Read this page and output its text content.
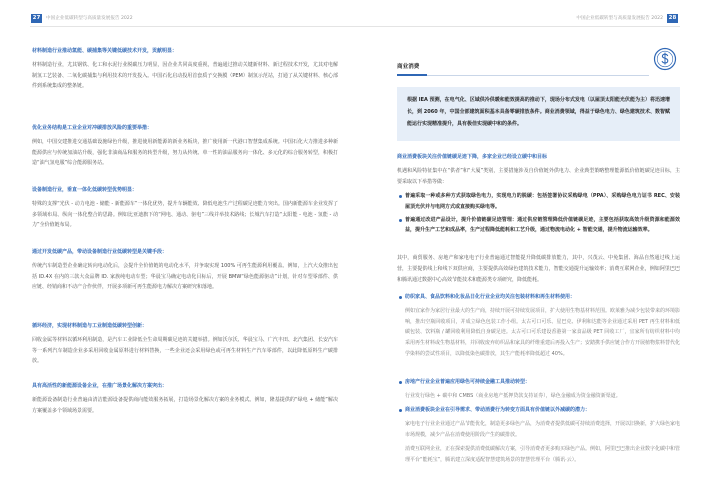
27	中国企业低碳转型与高质量发展报告 2022	中国企业低碳转型与高质量发展报告 2022	28
材料制造行业推动氢能、碳捕集等关键低碳技术开发，贡献明显：
材料制造行业，尤其钢铁、化工和水泥行业脱碳压力明显，因企业共同高度重视，普遍通过推动关键新材料、新过程技术开发，尤其对电解制氢工艺装备、二氧化碳捕集与利用技术的开发投入。中国石化启动投用首套质子交换膜（PEM）制氢示范站，打通了从关键材料、核心部件到系统集成的整条链。
优化业务结构是工业企业对冲碳排放风险的重要举措：
例如，中国交建推进交通基础设施绿色升级，推进使用新能源的新业务板块，推广使用新一代港口智慧集成系统。中国石化大力推进多种新能源供应与传统加油站升级，强化非油商品和服务的转型升级，努力从传统、单一性的油品服务向一体化、多元化的综合服务转型，积极打造“油气氢电服”综合能源服务站。
设备制造行业，垂直一体化低碳转型优势明显：
特殊的支撑“光伏 - 动力电池 - 储能 - 新能源车”一体化优势，提升车辆能效、降低电池生产过程碳足迹能力突出。国内新能源车企业发挥了多领域布局、纵向一体化整合的思路。例如比亚迪旗下的“网电、通动、驱电”三线并举技术路线；长城汽车打造“太阳能 - 电池 - 氢能 - 动力”全价值链布局。
通过开发低碳产品，带动设备制造行业低碳转型是关键手段：
传统汽车制造型企业确定转向电动化后，会提升全价值链的电动化水平，并争取实现 100% 可再生能源利用覆盖。例如，上汽大众推出包括 ID.4X 在内的三款大众品牌 ID. 家族纯电动车型；华晨宝马确定电动化目标后，开展 BMW“绿色能源驱动”计划，针对车型零部件、供应链、经销商和不动产合作伙伴，开展多项新可再生能源电力解决方案研究和落地。
循环经济，实现材料制造与工业制造低碳转型创新：
回收金属等材料以循环利用制造，是汽车工业降低全生命周期碳足迹的关键举措。例如沃尔沃、华晨宝马、广汽丰田、北汽集团、长安汽车等一系列汽车制造企业多采用回收金属原料进行材料替换，一些企业还会采用绿色或可再生材料生产汽车零部件，以此降低原料生产碳排放。
具有高活性的新能源设备企业，在推广场景化解决方案突出：
新能源设备制造行业普遍由清洁能源设备提供商向能效服务拓展，打造场景化解决方案的业务模式。例如，隆基提供的“绿电 + 储能”解决方案覆盖多个领域场景需要。
商业消费
根据 IEA 预测，在电气化、区域供冷供暖和能效提高的推动下，现场分布式发电（以屋顶太阳能光伏能为主）将迅速增长，到 2060 年，中国全部建筑面积基本具备零碳排放条件。商业消费领域，得益于绿色电力、绿色建筑技术、数智赋能运行实现精准提升，具有极佳实现碳中和的条件。
商业消费板块关注价值链碳足迹下降，多家企业已经设立碳中和目标
机遇和风险特征集中在“供者”和“大厦”类别，主要措施涉及自价值链外供电力、企业典型策略整理能源低价值链碳足迹目标，主要采取以下举措等做：
普遍采取一种或多种方式获取绿色电力，实现电力的脱碳：包括签署协议采购绿电（PPA）、采购绿色电力证书 REC、安装屋顶光伏并与电网方式或直接购买绿电等。
普遍通过改进产品设计，提升价值链碳足迹管理：通过供应链管理降低价值链碳足迹，主要包括获取高效升级资源和能源效益，提升生产工艺和成品率，生产过程降低能耗和工艺升级，通过物流电动化 + 智能交通，提升物流运输效率。
其中，商贸服务、房地产和家电电子行业普遍通过智能提升降低碳排放能力，其中，兴茂云、中免集团、海品自然通过线上运营，主要提供线上和线下双供应商，主要提供高效绿色建筑技术能力，智能交通提升运输效率；消费互联网企业，例如阿里巴巴和腾讯通过数据中心高效节能技术和能源类专项研究，降低能耗。
纺织家具、食品饮料和化妆品日化行业企业均关注包装材料和再生材料使用：
例如宜家作为家居行业最大的生产商，持续开展可持续发展项目，扩大使用生物基材料范围。欧莱雅为减少包装带来的环境影响，推出空瓶回收项目，并成立绿色包装工作小组。太古可口可乐、星巴克、伊利和达能等企业通过采用 PET 再生材料和低碳包装、饮料瓶 / 罐回收利用降低自身碳足迹。太古可口可乐建设香港第一家食品级 PET 回收工厂，宜家所有纺织材料中均采用再生材料或生物基材料，并回收废弃纺织品和家具的纤维重建后再投入生产；安踏携手供应链合作方开展植物浆料替代化学染料的尝试性项目，以降低染色碳排放，其生产能耗率降低超过 40%。
房地产行业企业普遍应用绿色可持续金融工具推动转型：
行业发行绿色 + 碳中和 CMBS（商业房地产抵押贷款支持证券），绿色金融成为资金融资新渠道。
商业消费板块企业在引导需求、带动消费行为转变方面具有价值链以外减碳的潜力：
家电电子行业企业通过产品节能优化，制造更多绿色产品，为消费者提供低碳可持续消费选择，开展以旧换新，扩大绿色家电市场规模，减少产品在消费使用阶段产生的碳排放。
消费互联网企业，正在探索提供消费低碳解决方案，引导消费者更多购买绿色产品。例如，阿里巴巴推出企业数字化碳中和管理平台“能耗宝”，腾讯建立深度适配智慧建筑场景的智慧管理平台（腾讯·云）。
